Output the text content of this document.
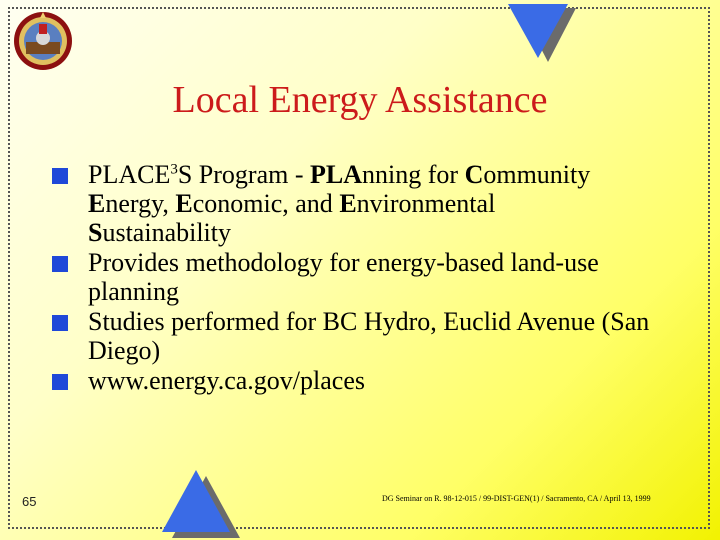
Local Energy Assistance
PLACE$^3$S Program - PLAnning for Community
Energy, Economic, and Environmental
Sustainability
Provides methodology for energy-based land-use planning
Studies performed for BC Hydro, Euclid Avenue (San Diego)
www.energy.ca.gov/places
65	DG Seminar on R. 98-12-015 / 99-DIST-GEN(1) / Sacramento, CA / April 13, 1999
